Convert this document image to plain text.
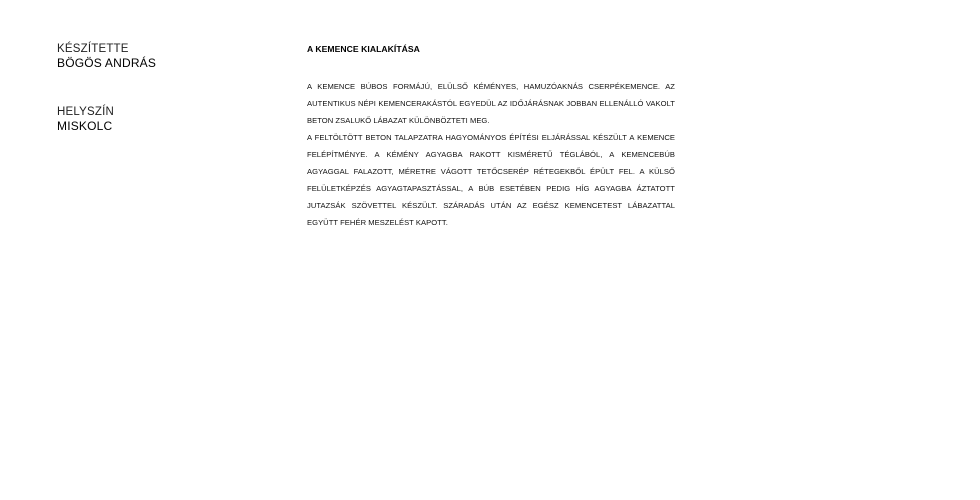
KÉSZÍTETTE
BÖGÖS ANDRÁS
HELYSZÍN
MISKOLC
A KEMENCE KIALAKÍTÁSA

A KEMENCE BÚBOS FORMÁJÚ, ELÜLSŐ KÉMÉNYES, HAMUZÓAKNÁS CSERPÉKEMENCE. AZ AUTENTIKUS NÉPI KEMENCERAKÁSTÓL EGYEDÜL AZ IDŐJÁRÁSNAK JOBBAN ELLENÁLLÓ VAKOLT BETON ZSALUKŐ LÁBAZAT KÜLÖNBÖZTETI MEG.

A FELTÖLTÖTT BETON TALAPZATRA HAGYOMÁNYOS ÉPÍTÉSI ELJÁRÁSSAL KÉSZÜLT A KEMENCE FELÉPÍTMÉNYE. A KÉMÉNY AGYAGBA RAKOTT KISMÉRETŰ TÉGLÁBÓL, A KEMENCEBÚB AGYAGGAL FALAZOTT, MÉRETRE VÁGOTT TETŐCSERÉP RÉTEGEKBŐL ÉPÜLT FEL. A KÜLSŐ FELÜLETKÉPZÉS AGYAGTAPASZTÁSSAL, A BÚB ESETÉBEN PEDIG HÍG AGYAGBA ÁZTATOTT JUTAZSÁK SZÖVETTEL KÉSZÜLT. SZÁRADÁS UTÁN AZ EGÉSZ KEMENCETEST LÁBAZATTAL EGYÜTT FEHÉR MESZELÉST KAPOTT.
